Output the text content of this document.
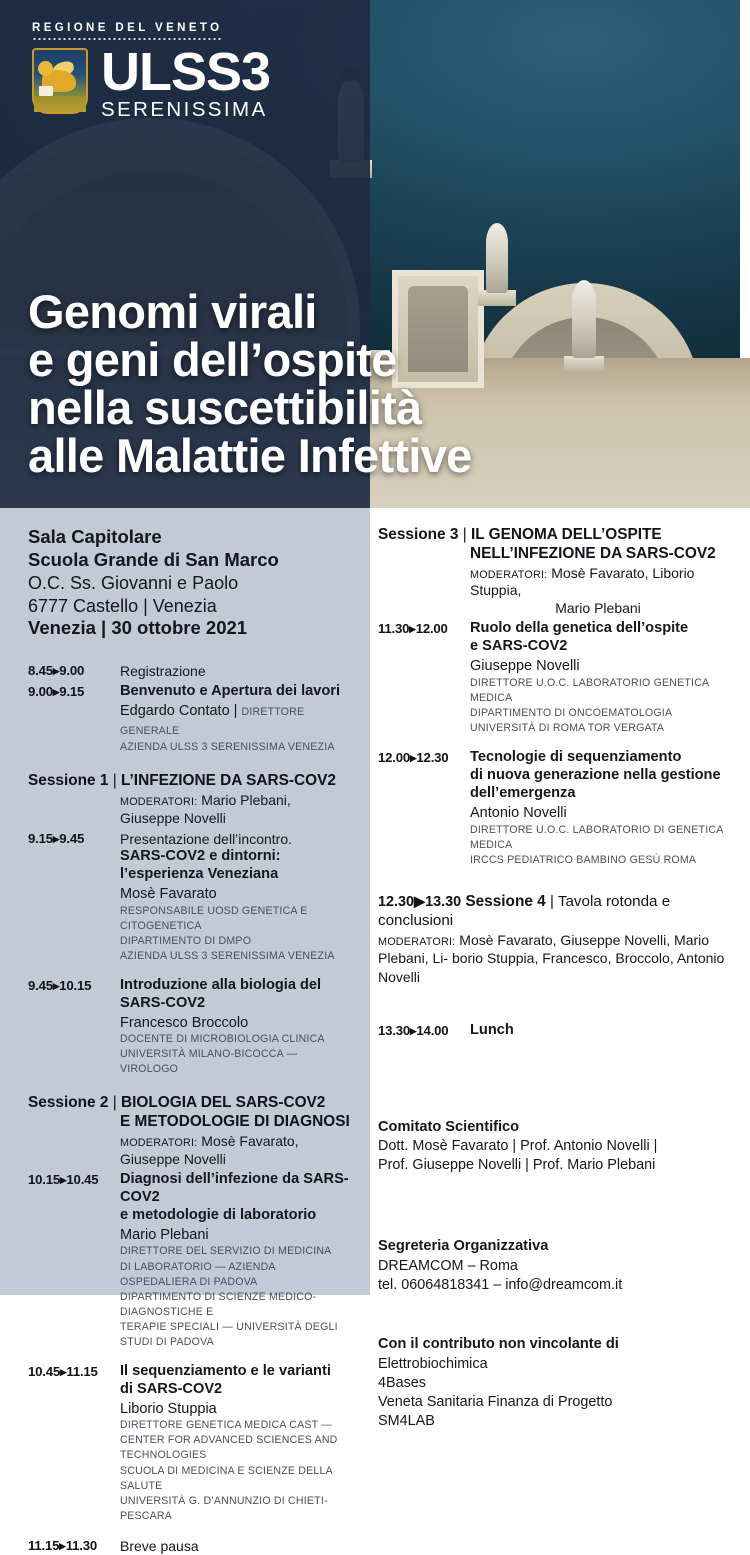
REGIONE DEL VENETO
ULSS3
SERENISSIMA
Genomi virali
e geni dell’ospite
nella suscettibilità
alle Malattie Infettive
Sala Capitolare
Scuola Grande di San Marco
O.C. Ss. Giovanni e Paolo
6777 Castello | Venezia
Venezia | 30 ottobre 2021
8.45▸9.00	Registrazione
9.00▸9.15	Benvenuto e Apertura dei lavori
Edgardo Contato | DIRETTORE GENERALE
AZIENDA ULSS 3 SERENISSIMA VENEZIA
Sessione 1 | L’INFEZIONE DA SARS-COV2
MODERATORI: Mario Plebani, Giuseppe Novelli
9.15▸9.45	Presentazione dell’incontro.
SARS-COV2 e dintorni:
l’esperienza Veneziana
Mosè Favarato
RESPONSABILE UOSD GENETICA E CITOGENETICA
DIPARTIMENTO DI DMPO
AZIENDA ULSS 3 SERENISSIMA VENEZIA
9.45▸10.15	Introduzione alla biologia del SARS-COV2
Francesco Broccolo
DOCENTE DI MICROBIOLOGIA CLINICA
UNIVERSITÀ MILANO-BICOCCA — VIROLOGO
Sessione 2 | BIOLOGIA DEL SARS-COV2
E METODOLOGIE DI DIAGNOSI
MODERATORI: Mosè Favarato, Giuseppe Novelli
10.15▸10.45	Diagnosi dell’infezione da SARS-COV2
e metodologie di laboratorio
Mario Plebani
DIRETTORE DEL SERVIZIO DI MEDICINA
DI LABORATORIO — AZIENDA OSPEDALIERA DI PADOVA
DIPARTIMENTO DI SCIENZE MEDICO-DIAGNOSTICHE E
TERAPIE SPECIALI — UNIVERSITÀ DEGLI STUDI DI PADOVA
10.45▸11.15	Il sequenziamento e le varianti
di SARS-COV2
Liborio Stuppia
DIRETTORE GENETICA MEDICA CAST —
CENTER FOR ADVANCED SCIENCES AND TECHNOLOGIES
SCUOLA DI MEDICINA E SCIENZE DELLA SALUTE
UNIVERSITÀ G. D’ANNUNZIO DI CHIETI-PESCARA
11.15▸11.30	Breve pausa
Sessione 3 | IL GENOMA DELL’OSPITE
NELL’INFEZIONE DA SARS-COV2
MODERATORI: Mosè Favarato, Liborio Stuppia,
Mario Plebani
11.30▸12.00	Ruolo della genetica dell’ospite
e SARS-COV2
Giuseppe Novelli
DIRETTORE U.O.C. LABORATORIO GENETICA MEDICA
DIPARTIMENTO DI ONCOEMATOLOGIA
UNIVERSITÀ DI ROMA TOR VERGATA
12.00▸12.30	Tecnologie di sequenziamento
di nuova generazione nella gestione
dell’emergenza
Antonio Novelli
DIRETTORE U.O.C. LABORATORIO DI GENETICA MEDICA
IRCCS PEDIATRICO BAMBINO GESÙ ROMA
12.30▶13.30 Sessione 4 | Tavola rotonda e conclusioni
MODERATORI: Mosè Favarato, Giuseppe Novelli, Mario Plebani, Li- borio Stuppia, Francesco, Broccolo, Antonio Novelli
13.30▸14.00	Lunch
Comitato Scientifico
Dott. Mosè Favarato | Prof. Antonio Novelli |
Prof. Giuseppe Novelli | Prof. Mario Plebani
Segreteria Organizzativa
DREAMCOM – Roma
tel. 06064818341 – info@dreamcom.it
Con il contributo non vincolante di
Elettrobiochimica
4Bases
Veneta Sanitaria Finanza di Progetto
SM4LAB
